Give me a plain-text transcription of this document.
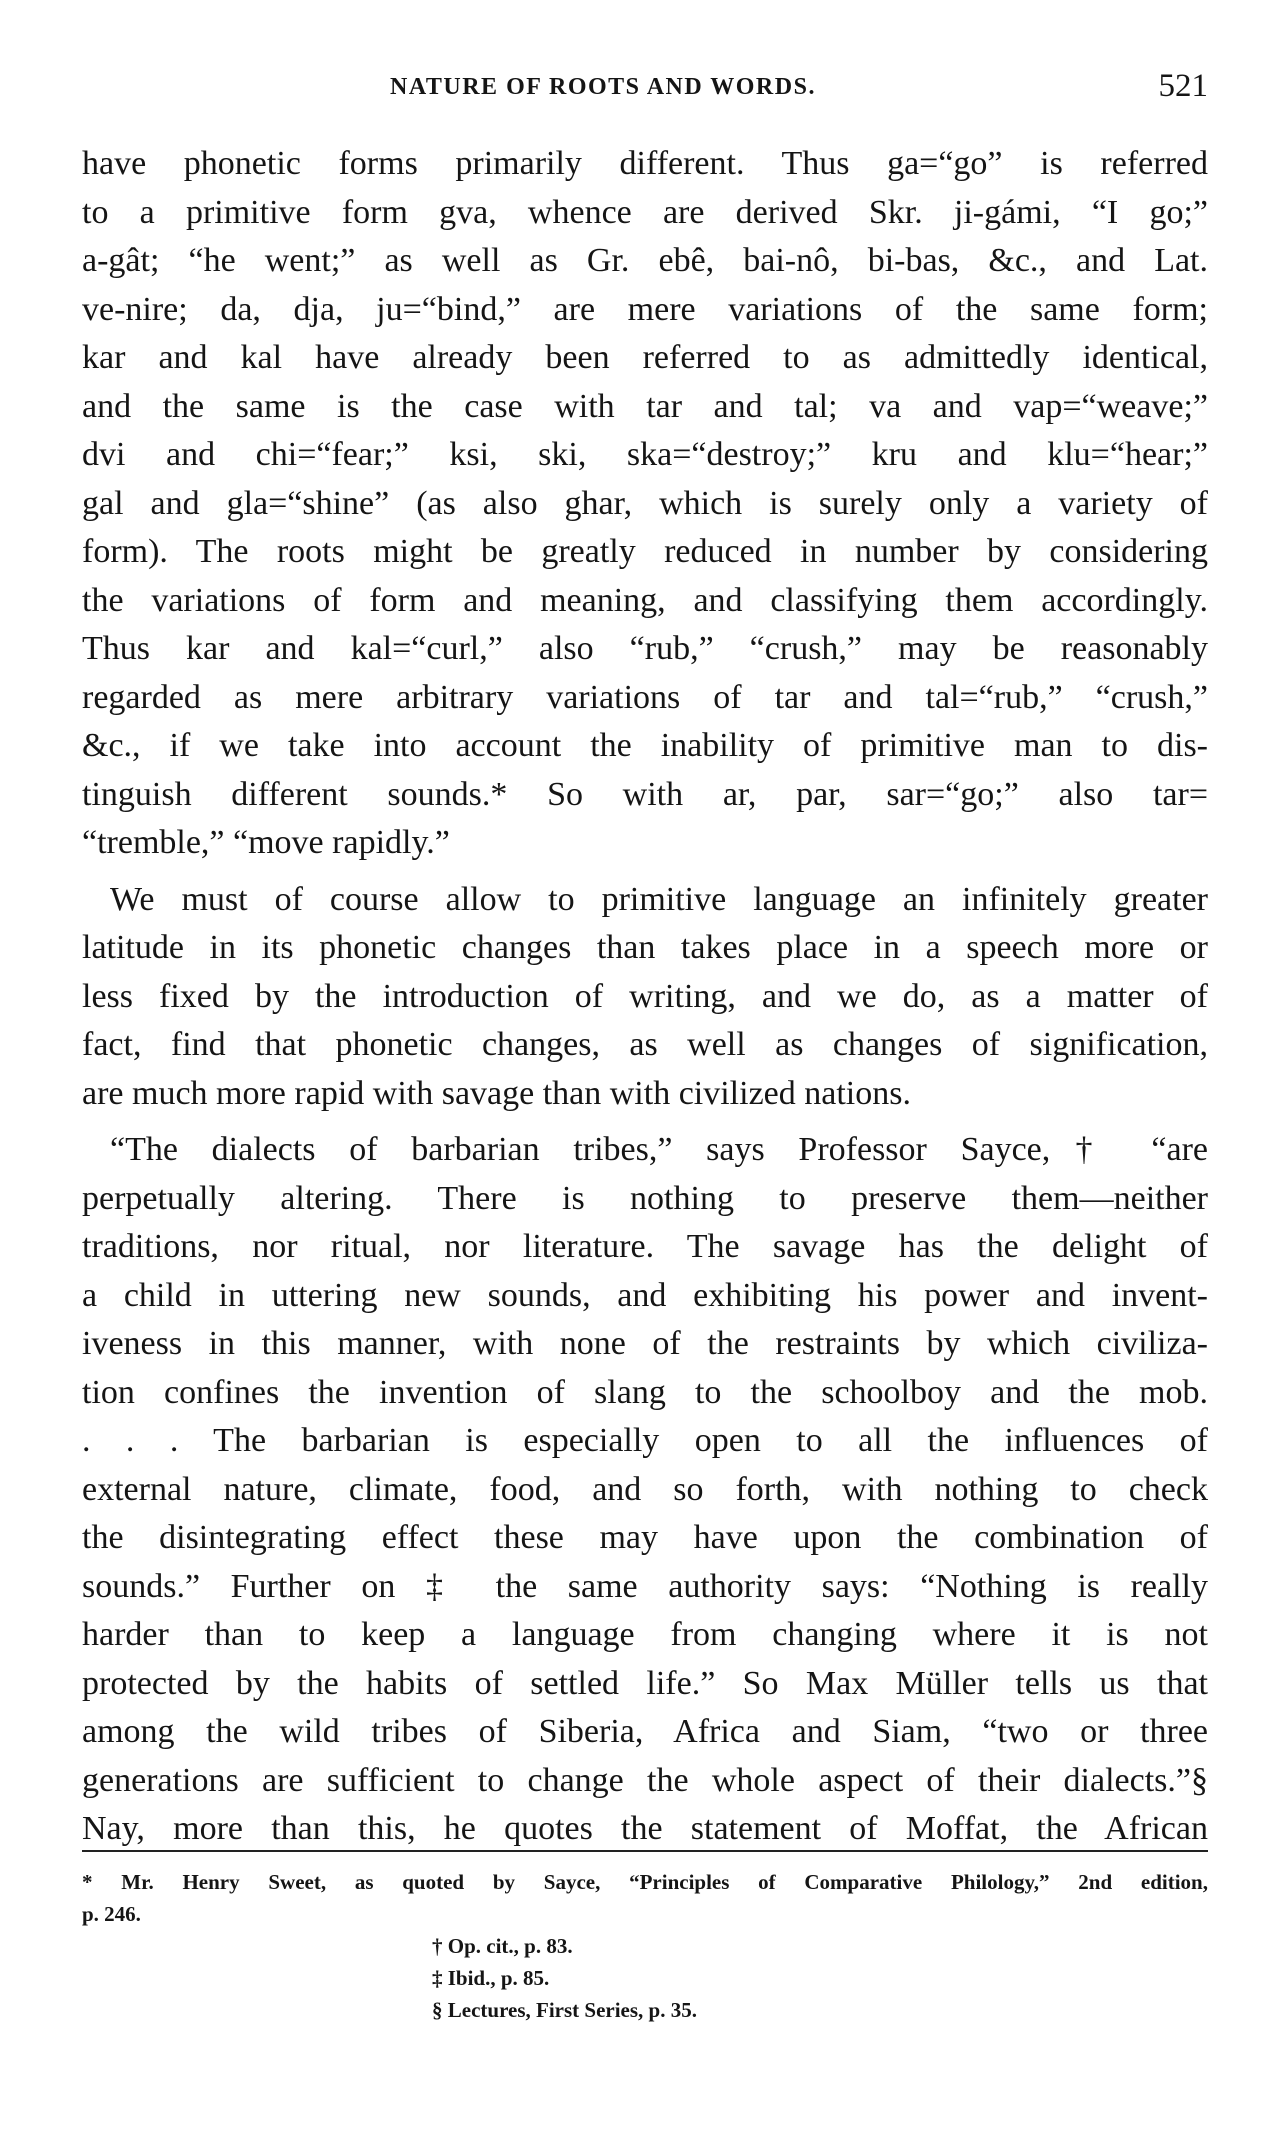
NATURE OF ROOTS AND WORDS.	521
have phonetic forms primarily different. Thus ga=“go” is referred
to a primitive form gva, whence are derived Skr. ji-gámi, “I go;”
a-gât; “he went;” as well as Gr. ebê, bai-nô, bi-bas, &c., and Lat.
ve-nire; da, dja, ju=“bind,” are mere variations of the same form;
kar and kal have already been referred to as admittedly identical,
and the same is the case with tar and tal; va and vap=“weave;”
dvi and chi=“fear;” ksi, ski, ska=“destroy;” kru and klu=“hear;”
gal and gla=“shine” (as also ghar, which is surely only a variety of
form). The roots might be greatly reduced in number by considering
the variations of form and meaning, and classifying them accordingly.
Thus kar and kal=“curl,” also “rub,” “crush,” may be reasonably
regarded as mere arbitrary variations of tar and tal=“rub,” “crush,”
&c., if we take into account the inability of primitive man to dis-
tinguish different sounds.* So with ar, par, sar=“go;” also tar=
“tremble,” “move rapidly.”
We must of course allow to primitive language an infinitely greater
latitude in its phonetic changes than takes place in a speech more or
less fixed by the introduction of writing, and we do, as a matter of
fact, find that phonetic changes, as well as changes of signification,
are much more rapid with savage than with civilized nations.
“The dialects of barbarian tribes,” says Professor Sayce,† “are
perpetually altering. There is nothing to preserve them—neither
traditions, nor ritual, nor literature. The savage has the delight of
a child in uttering new sounds, and exhibiting his power and invent-
iveness in this manner, with none of the restraints by which civiliza-
tion confines the invention of slang to the schoolboy and the mob.
. . . The barbarian is especially open to all the influences of
external nature, climate, food, and so forth, with nothing to check
the disintegrating effect these may have upon the combination of
sounds.” Further on ‡ the same authority says: “Nothing is really
harder than to keep a language from changing where it is not
protected by the habits of settled life.” So Max Müller tells us that
among the wild tribes of Siberia, Africa and Siam, “two or three
generations are sufficient to change the whole aspect of their dialects.”§
Nay, more than this, he quotes the statement of Moffat, the African
* Mr. Henry Sweet, as quoted by Sayce, “Principles of Comparative Philology,” 2nd edition,
p. 246.
† Op. cit., p. 83.
‡ Ibid., p. 85.
§ Lectures, First Series, p. 35.
